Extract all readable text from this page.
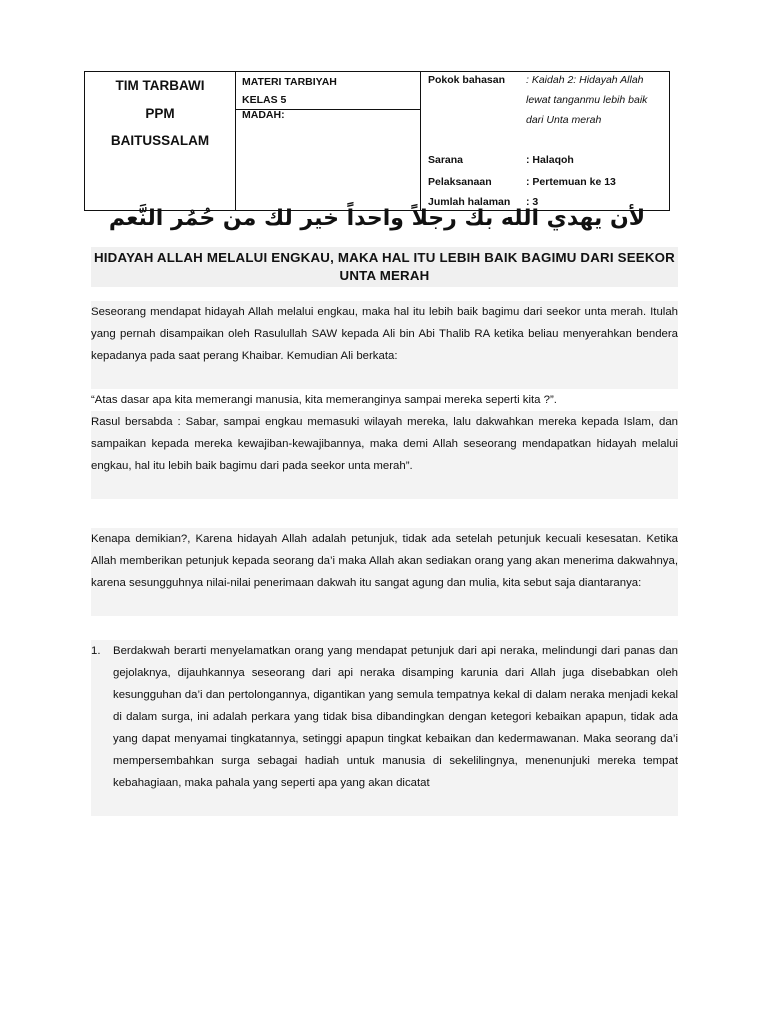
TIM TARBAWI
PPM
BAITUSSALAM
MATERI TARBIYAH
KELAS 5
MADAH:
Pokok bahasan : Kaidah 2: Hidayah Allah lewat tanganmu lebih baik dari Unta merah
Sarana	: Halaqoh
Pelaksanaan	: Pertemuan ke 13
Jumlah halaman : 3
لأن يهدي الله بك رجلاً واحداً خير لك من حُمُر النَّعم
HIDAYAH ALLAH MELALUI ENGKAU, MAKA HAL ITU LEBIH BAIK BAGIMU DARI SEEKOR UNTA MERAH
Seseorang mendapat hidayah Allah melalui engkau, maka hal itu lebih baik bagimu dari seekor unta merah. Itulah yang pernah disampaikan oleh Rasulullah SAW kepada Ali bin Abi Thalib RA ketika beliau menyerahkan bendera kepadanya pada saat perang Khaibar. Kemudian Ali berkata:
“Atas dasar apa kita memerangi manusia, kita memeranginya sampai mereka seperti kita ?”.
Rasul bersabda : Sabar, sampai engkau memasuki wilayah mereka, lalu dakwahkan mereka kepada Islam, dan sampaikan kepada mereka kewajiban-kewajibannya, maka demi Allah seseorang mendapatkan hidayah melalui engkau, hal itu lebih baik bagimu dari pada seekor unta merah”.
Kenapa demikian?, Karena hidayah Allah adalah petunjuk, tidak ada setelah petunjuk kecuali kesesatan. Ketika Allah memberikan petunjuk kepada seorang da’i maka Allah akan sediakan orang yang akan menerima dakwahnya, karena sesungguhnya nilai-nilai penerimaan dakwah itu sangat agung dan mulia, kita sebut saja diantaranya:
1. Berdakwah berarti menyelamatkan orang yang mendapat petunjuk dari api neraka, melindungi dari panas dan gejolaknya, dijauhkannya seseorang dari api neraka disamping karunia dari Allah juga disebabkan oleh kesungguhan da’i dan pertolongannya, digantikan yang semula tempatnya kekal di dalam neraka menjadi kekal di dalam surga, ini adalah perkara yang tidak bisa dibandingkan dengan ketegori kebaikan apapun, tidak ada yang dapat menyamai tingkatannya, setinggi apapun tingkat kebaikan dan kedermawanan. Maka seorang da’i mempersembahkan surga sebagai hadiah untuk manusia di sekelilingnya, menenunjuki mereka tempat kebahagiaan, maka pahala yang seperti apa yang akan dicatat
